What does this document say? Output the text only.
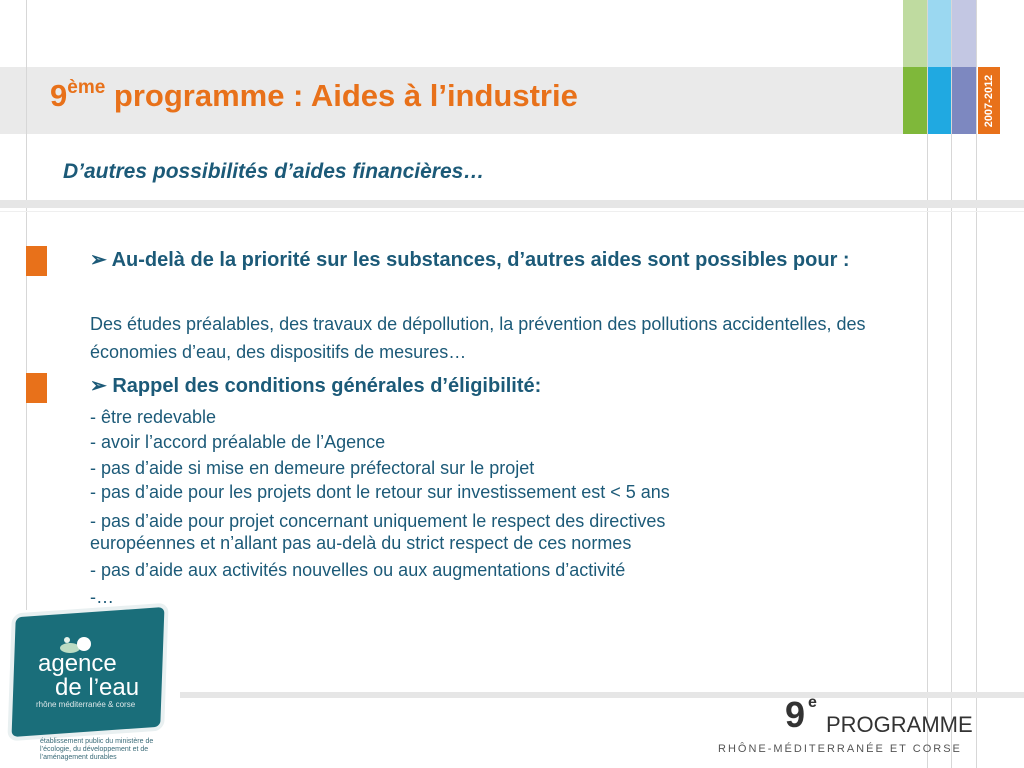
2007-2012
9ème programme : Aides à l’industrie
D’autres possibilités d’aides financières…
➢ Au-delà de la priorité sur les substances, d’autres aides sont possibles pour :
Des études préalables, des travaux de dépollution, la prévention des pollutions accidentelles, des économies d’eau, des dispositifs de mesures…
➢ Rappel des conditions générales d’éligibilité:
- être redevable
- avoir l’accord préalable de l’Agence
- pas d’aide si mise en demeure préfectoral sur le projet
- pas d’aide pour les projets dont le retour sur investissement est < 5 ans
- pas d’aide pour projet concernant uniquement le respect des directives
européennes et n’allant pas au-delà du strict respect de ces normes
- pas d’aide aux activités nouvelles ou aux augmentations d’activité
-…
agence
de l’eau
rhône méditerranée & corse
établissement public du ministère de l’écologie, du développement et de l’aménagement durables
9 e
PROGRAMME
RHÔNE-MÉDITERRANÉE ET CORSE
